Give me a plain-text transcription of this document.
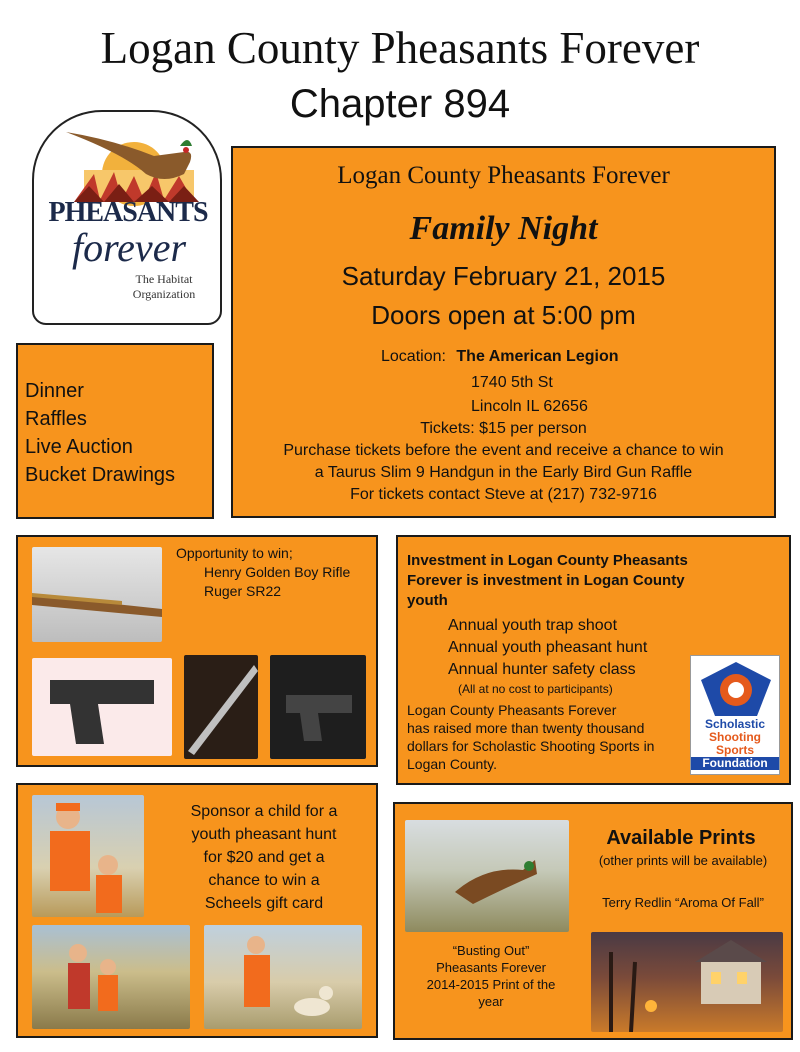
Logan County Pheasants Forever
Chapter 894
PHEASANTS
forever
The Habitat
Organization
Logan County Pheasants Forever
Family Night
Saturday February 21, 2015
Doors open at 5:00 pm
Location: The American Legion
1740 5th St
Lincoln IL 62656
Tickets: $15 per person
Purchase tickets before the event and receive a chance to win
a Taurus Slim 9 Handgun in the Early Bird Gun Raffle
For tickets contact Steve at (217) 732-9716
Dinner
Raffles
Live Auction
Bucket Drawings
Opportunity to win;
Henry Golden Boy Rifle
Ruger SR22
Investment in Logan County Pheasants
Forever is investment in Logan County
youth
Annual youth trap shoot
Annual youth pheasant hunt
Annual hunter safety class
(All at no cost to participants)
Logan County Pheasants Forever
has raised more than twenty thousand
dollars for Scholastic Shooting Sports in
Logan County.
Scholastic
Shooting
Sports
Foundation
Sponsor a child for a
youth pheasant hunt
for $20 and get a
chance to win a
Scheels gift card
Available Prints
(other prints will be available)
Terry Redlin “Aroma Of Fall”
“Busting Out”
Pheasants Forever
2014-2015 Print of the
year
